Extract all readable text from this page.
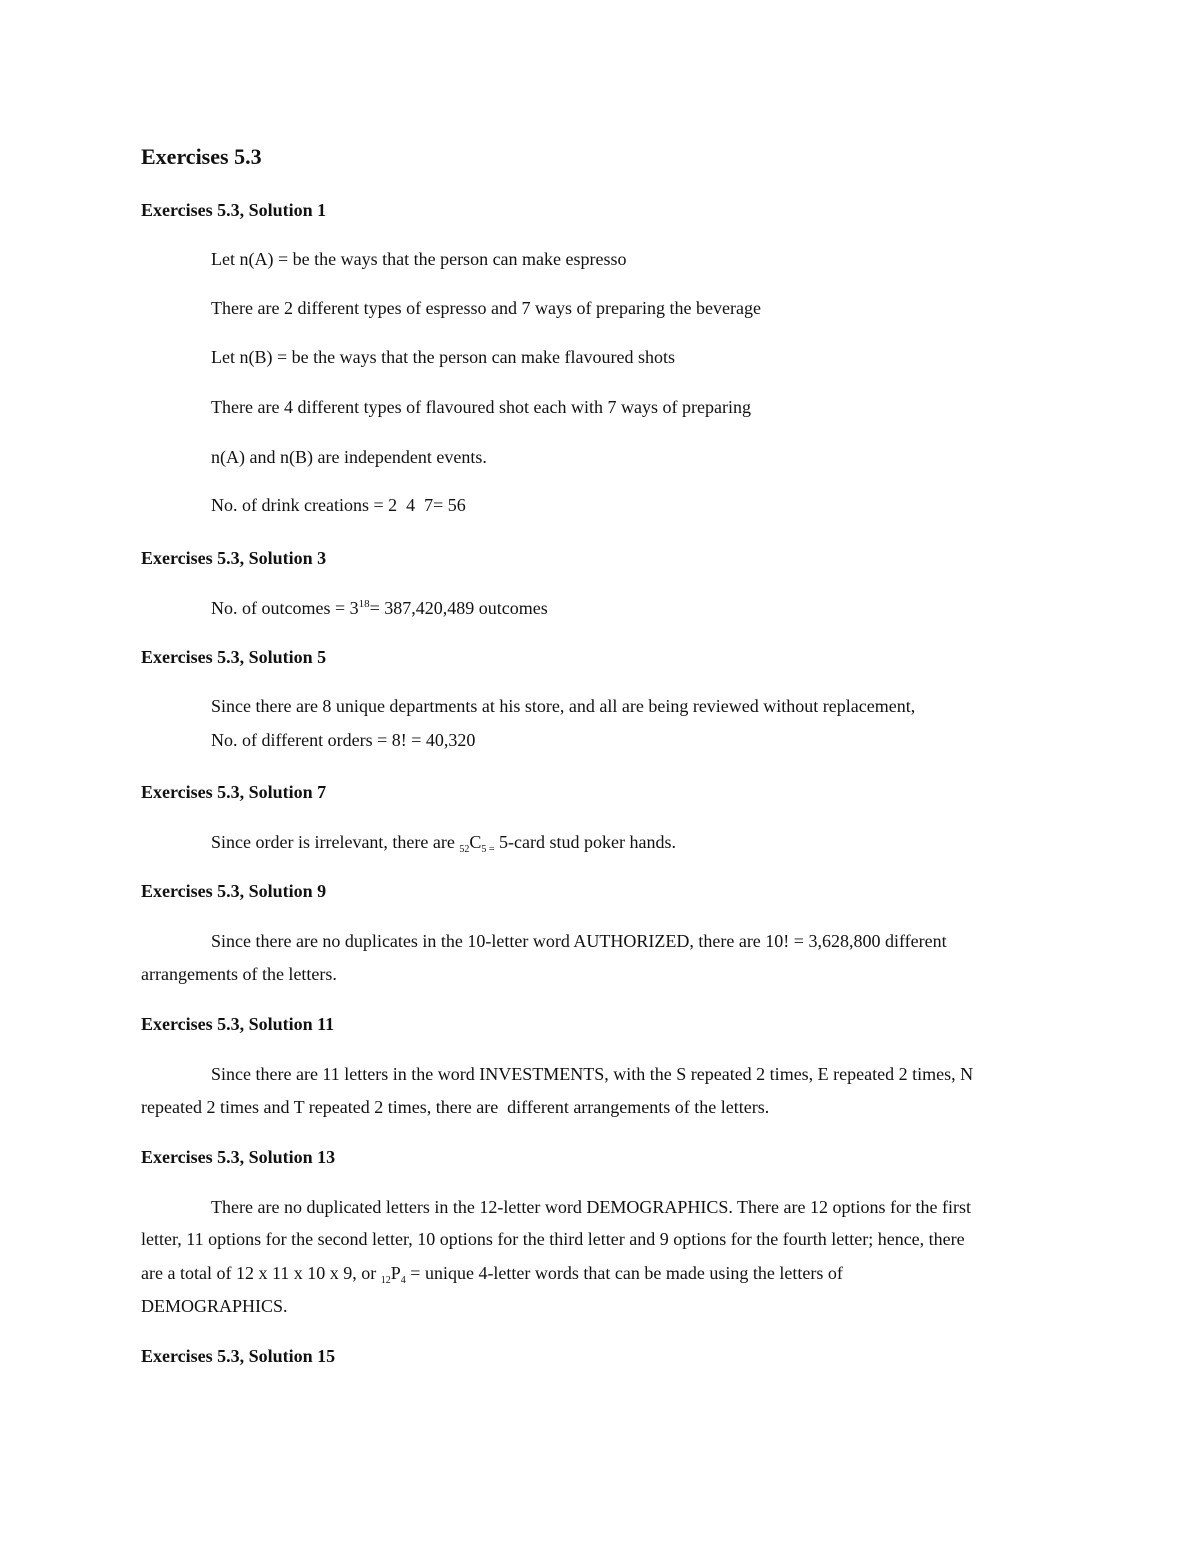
Exercises 5.3
Exercises 5.3, Solution 1
Let n(A) = be the ways that the person can make espresso
There are 2 different types of espresso and 7 ways of preparing the beverage
Let n(B) = be the ways that the person can make flavoured shots
There are 4 different types of flavoured shot each with 7 ways of preparing
n(A) and n(B) are independent events.
No. of drink creations = 2  4  7= 56
Exercises 5.3, Solution 3
No. of outcomes = $3^{18}= 387,420,489$ outcomes
Exercises 5.3, Solution 5
Since there are 8 unique departments at his store, and all are being reviewed without replacement,
No. of different orders = 8! = 40,320
Exercises 5.3, Solution 7
Since order is irrelevant, there are $_{52}C_{5 =}$ 5-card stud poker hands.
Exercises 5.3, Solution 9
Since there are no duplicates in the 10-letter word AUTHORIZED, there are 10! = 3,628,800 different
arrangements of the letters.
Exercises 5.3, Solution 11
Since there are 11 letters in the word INVESTMENTS, with the S repeated 2 times, E repeated 2 times, N
repeated 2 times and T repeated 2 times, there are  different arrangements of the letters.
Exercises 5.3, Solution 13
There are no duplicated letters in the 12-letter word DEMOGRAPHICS. There are 12 options for the first
letter, 11 options for the second letter, 10 options for the third letter and 9 options for the fourth letter; hence, there
are a total of 12 x 11 x 10 x 9, or $_{12}P_4$ = unique 4-letter words that can be made using the letters of
DEMOGRAPHICS.
Exercises 5.3, Solution 15
